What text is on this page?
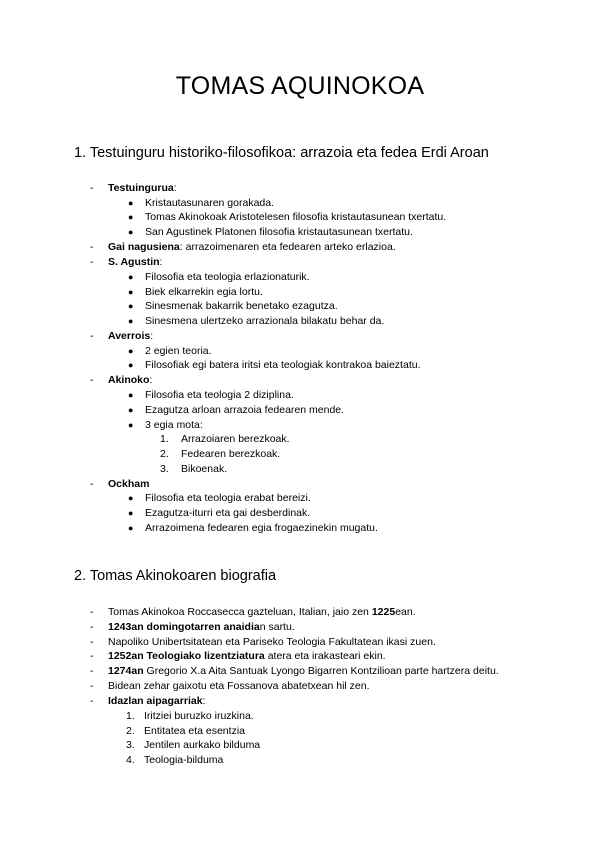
TOMAS AQUINOKOA
1. Testuinguru historiko-filosofikoa: arrazoia eta fedea Erdi Aroan
- Testuingurua:
● Kristautasunaren gorakada.
● Tomas Akinokoak Aristotelesen filosofia kristautasunean txertatu.
● San Agustinek Platonen filosofia kristautasunean txertatu.
- Gai nagusiena: arrazoimenaren eta fedearen arteko erlazioa.
- S. Agustin:
● Filosofia eta teologia erlazionaturik.
● Biek elkarrekin egia lortu.
● Sinesmenak bakarrik benetako ezagutza.
● Sinesmena ulertzeko arrazionala bilakatu behar da.
- Averrois:
● 2 egien teoria.
● Filosofiak egi batera iritsi eta teologiak kontrakoa baieztatu.
- Akinoko:
● Filosofia eta teologia 2 diziplina.
● Ezagutza arloan arrazoia fedearen mende.
● 3 egia mota:
1. Arrazoiaren berezkoak.
2. Fedearen berezkoak.
3. Bikoenak.
- Ockham
● Filosofia eta teologia erabat bereizi.
● Ezagutza-iturri eta gai desberdinak.
● Arrazoimena fedearen egia frogaezinekin mugatu.
2. Tomas Akinokoaren biografia
- Tomas Akinokoa Roccasecca gazteluan, Italian, jaio zen 1225ean.
- 1243an domingotarren anaidian sartu.
- Napoliko Unibertsitatean eta Pariseko Teologia Fakultatean ikasi zuen.
- 1252an Teologiako lizentziatura atera eta irakasteari ekin.
- 1274an Gregorio X.a Aita Santuak Lyongo Bigarren Kontzilioan parte hartzera deitu.
- Bidean zehar gaixotu eta Fossanova abatetxean hil zen.
- Idazlan aipagarriak:
1. Iritziei buruzko iruzkina.
2. Entitatea eta esentzia
3. Jentilen aurkako bilduma
4. Teologia-bilduma
